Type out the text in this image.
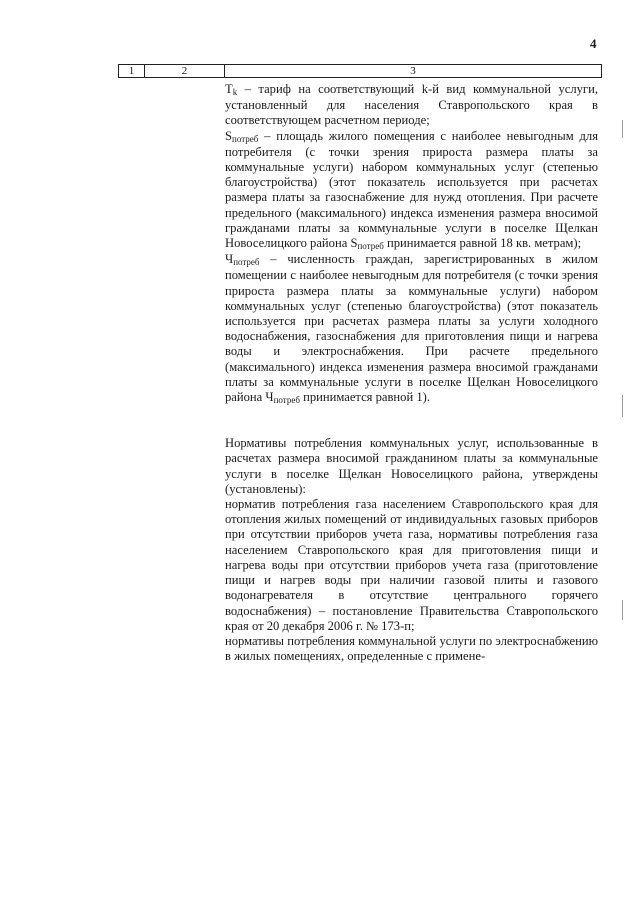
4
1	2	3

Tk – тариф на соответствующий k-й вид коммунальной услуги, установленный для населения Ставропольского края в соответствующем расчетном периоде;

Sпотреб – площадь жилого помещения с наиболее невыгодным для потребителя (с точки зрения прироста размера платы за коммунальные услуги) набором коммунальных услуг (степенью благоустройства) (этот показатель используется при расчетах размера платы за газоснабжение для нужд отопления. При расчете предельного (максимального) индекса изменения размера вносимой гражданами платы за коммунальные услуги в поселке Щелкан Новоселицкого района Sпотреб принимается равной 18 кв. метрам);

Чпотреб – численность граждан, зарегистрированных в жилом помещении с наиболее невыгодным для потребителя (с точки зрения прироста размера платы за коммунальные услуги) набором коммунальных услуг (степенью благоустройства) (этот показатель используется при расчетах размера платы за услуги холодного водоснабжения, газоснабжения для приготовления пищи и нагрева воды и электроснабжения. При расчете предельного (максимального) индекса изменения размера вносимой гражданами платы за коммунальные услуги в поселке Щелкан Новоселицкого района Чпотреб принимается равной 1).

Нормативы потребления коммунальных услуг, использованные в расчетах размера вносимой гражданином платы за коммунальные услуги в поселке Щелкан Новоселицкого района, утверждены (установлены):

норматив потребления газа населением Ставропольского края для отопления жилых помещений от индивидуальных газовых приборов при отсутствии приборов учета газа, нормативы потребления газа населением Ставропольского края для приготовления пищи и нагрева воды при отсутствии приборов учета газа (приготовление пищи и нагрев воды при наличии газовой плиты и газового водонагревателя в отсутствие центрального горячего водоснабжения) – постановление Правительства Ставропольского края от 20 декабря 2006 г. № 173-п;

нормативы потребления коммунальной услуги по электроснабжению в жилых помещениях, определенные с примене-
